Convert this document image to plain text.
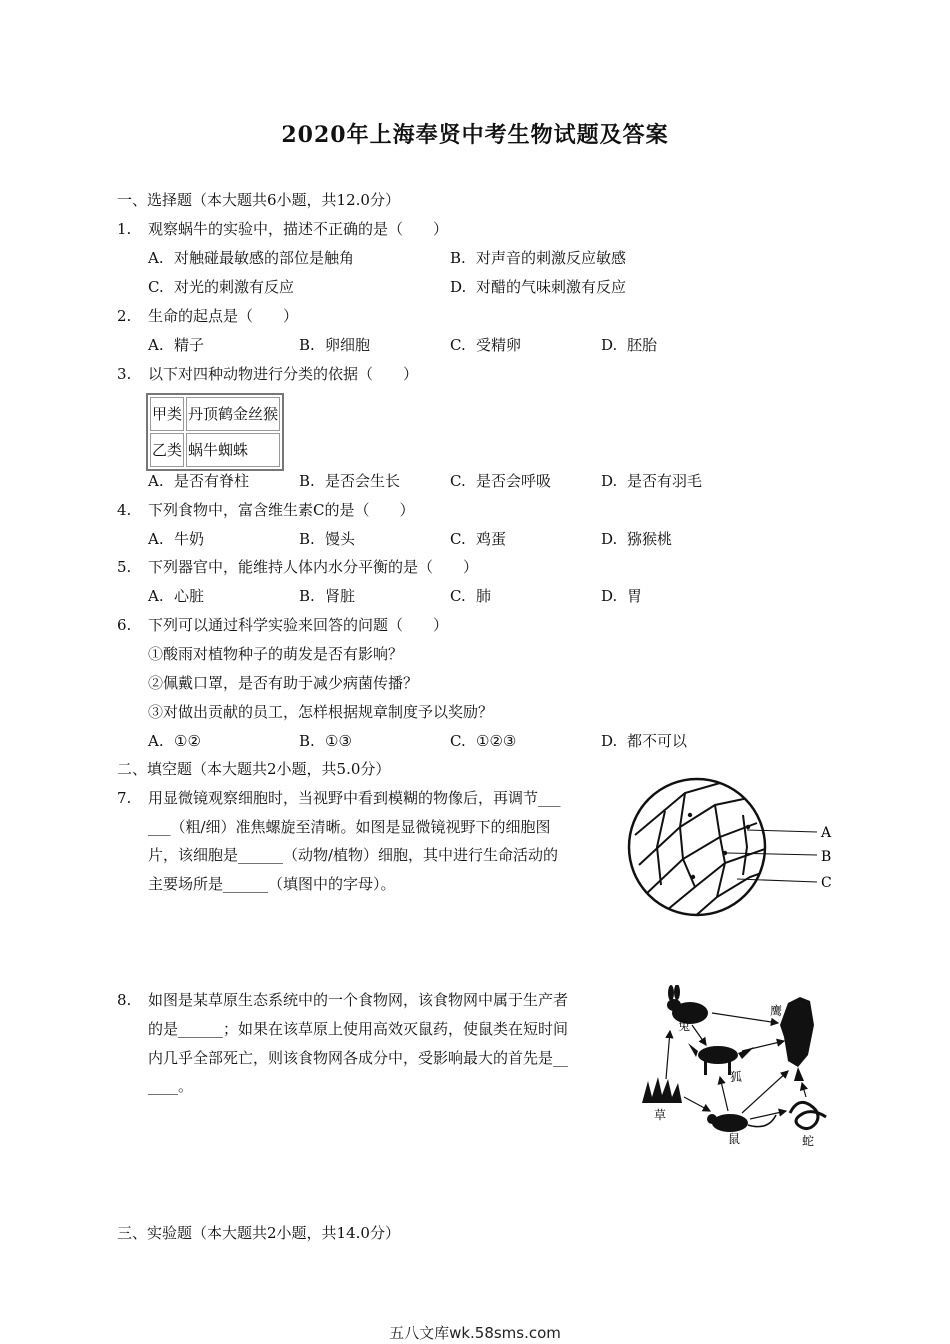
2020年上海奉贤中考生物试题及答案
一、选择题（本大题共6小题，共12.0分）
1. 观察蜗牛的实验中，描述不正确的是（　　）
A. 对触碰最敏感的部位是触角	B. 对声音的刺激反应敏感
C. 对光的刺激有反应	D. 对醋的气味刺激有反应
2. 生命的起点是（　　）
A. 精子	B. 卵细胞	C. 受精卵	D. 胚胎
3. 以下对四种动物进行分类的依据（　　）
甲类	丹顶鹤金丝猴
乙类	蜗牛蜘蛛
A. 是否有脊柱	B. 是否会生长	C. 是否会呼吸	D. 是否有羽毛
4. 下列食物中，富含维生素C的是（　　）
A. 牛奶	B. 馒头	C. 鸡蛋	D. 猕猴桃
5. 下列器官中，能维持人体内水分平衡的是（　　）
A. 心脏	B. 肾脏	C. 肺	D. 胃
6. 下列可以通过科学实验来回答的问题（　　）
①酸雨对植物种子的萌发是否有影响？
②佩戴口罩，是否有助于减少病菌传播？
③对做出贡献的员工，怎样根据规章制度予以奖励？
A. ①②	B. ①③	C. ①②③	D. 都不可以
二、填空题（本大题共2小题，共5.0分）
7. 用显微镜观察细胞时，当视野中看到模糊的物像后，再调节___
___（粗/细）准焦螺旋至清晰。如图是显微镜视野下的细胞图
片，该细胞是______（动物/植物）细胞，其中进行生命活动的
主要场所是______（填图中的字母）。
A
B
C
8. 如图是某草原生态系统中的一个食物网，该食物网中属于生产者
的是______；如果在该草原上使用高效灭鼠药，使鼠类在短时间
内几乎全部死亡，则该食物网各成分中，受影响最大的首先是__
____。
兔
鹰
狐
草
鼠	蛇
三、实验题（本大题共2小题，共14.0分）
五八文库wk.58sms.com
